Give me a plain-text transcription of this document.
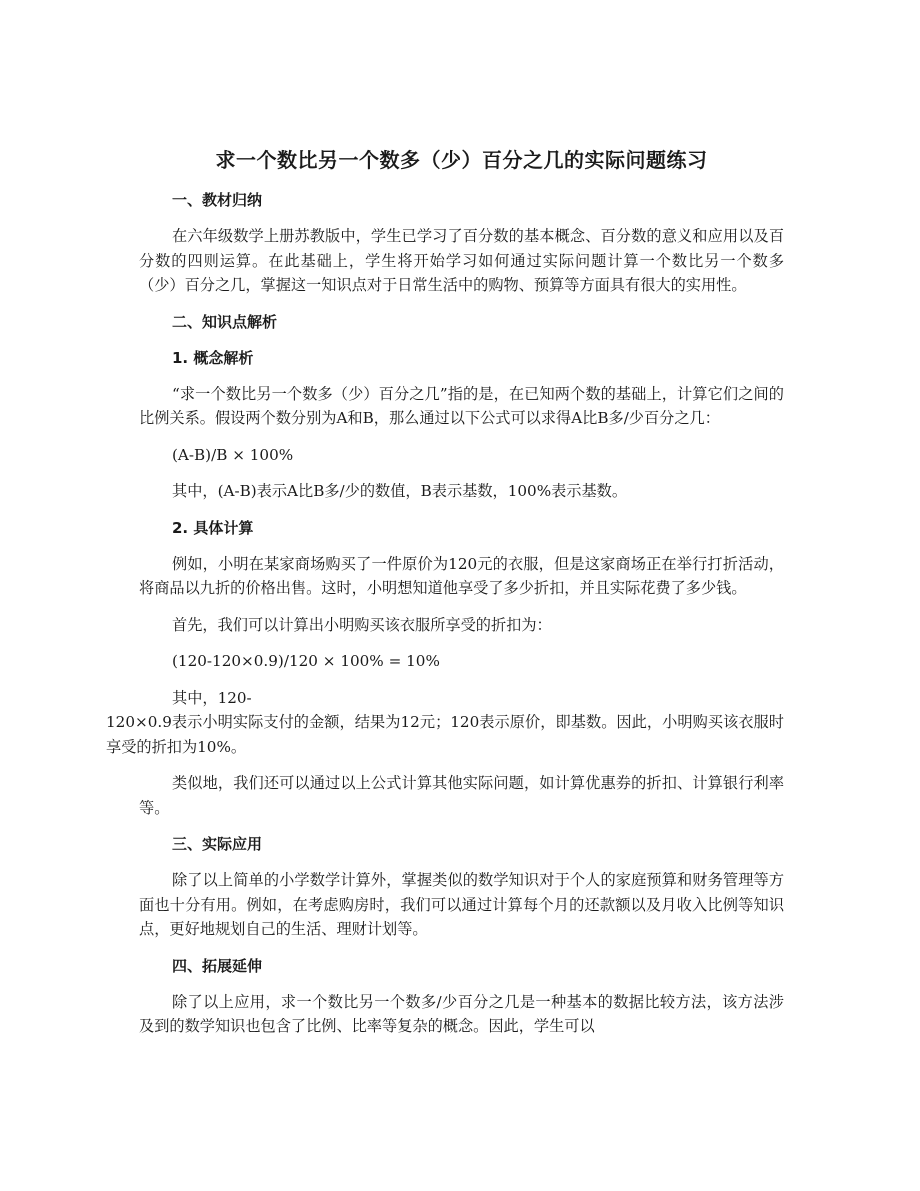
求一个数比另一个数多（少）百分之几的实际问题练习
一、教材归纳

在六年级数学上册苏教版中，学生已学习了百分数的基本概念、百分数的意义和应用以及百分数的四则运算。在此基础上，学生将开始学习如何通过实际问题计算一个数比另一个数多（少）百分之几，掌握这一知识点对于日常生活中的购物、预算等方面具有很大的实用性。

二、知识点解析
1. 概念解析

“求一个数比另一个数多（少）百分之几”指的是，在已知两个数的基础上，计算它们之间的比例关系。假设两个数分别为A和B，那么通过以下公式可以求得A比B多/少百分之几：

(A-B)/B × 100%

其中，(A-B)表示A比B多/少的数值，B表示基数，100%表示基数。

2. 具体计算

例如，小明在某家商场购买了一件原价为120元的衣服，但是这家商场正在举行打折活动，将商品以九折的价格出售。这时，小明想知道他享受了多少折扣，并且实际花费了多少钱。

首先，我们可以计算出小明购买该衣服所享受的折扣为：

(120-120×0.9)/120 × 100% = 10%

其中，120-
120×0.9表示小明实际支付的金额，结果为12元；120表示原价，即基数。因此，小明购买该衣服时享受的折扣为10%。

类似地，我们还可以通过以上公式计算其他实际问题，如计算优惠券的折扣、计算银行利率等。

三、实际应用

除了以上简单的小学数学计算外，掌握类似的数学知识对于个人的家庭预算和财务管理等方面也十分有用。例如，在考虑购房时，我们可以通过计算每个月的还款额以及月收入比例等知识点，更好地规划自己的生活、理财计划等。

四、拓展延伸

除了以上应用，求一个数比另一个数多/少百分之几是一种基本的数据比较方法，该方法涉及到的数学知识也包含了比例、比率等复杂的概念。因此，学生可以
